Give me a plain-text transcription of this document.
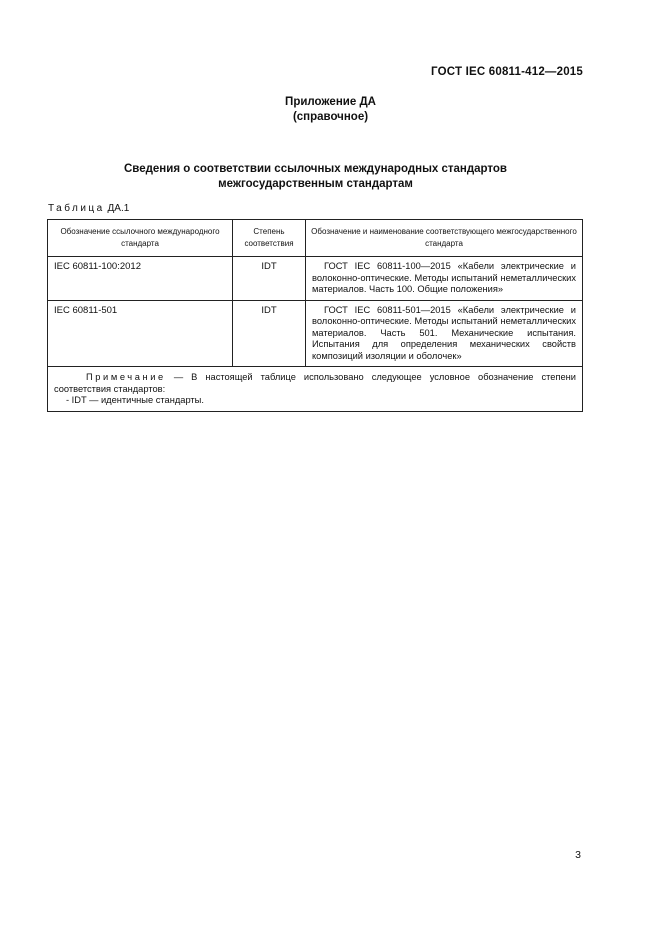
ГОСТ IEC 60811-412—2015
Приложение ДА
(справочное)
Сведения о соответствии ссылочных международных стандартов
межгосударственным стандартам
Таблица ДА.1
Обозначение ссылочного международного стандарта	Степень соответствия	Обозначение и наименование соответствующего межгосударственного стандарта
IEC 60811-100:2012	IDT	ГОСТ IEC 60811-100—2015 «Кабели электрические и волоконно-оптические. Методы испытаний неметаллических материалов. Часть 100. Общие положения»
IEC 60811-501	IDT	ГОСТ IEC 60811-501—2015 «Кабели электрические и волоконно-оптические. Методы испытаний неметаллических материалов. Часть 501. Механические испытания. Испытания для определения механических свойств композиций изоляции и оболочек»

Примечание — В настоящей таблице использовано следующее условное обозначение степени соответствия стандартов:
- IDT — идентичные стандарты.		
3
